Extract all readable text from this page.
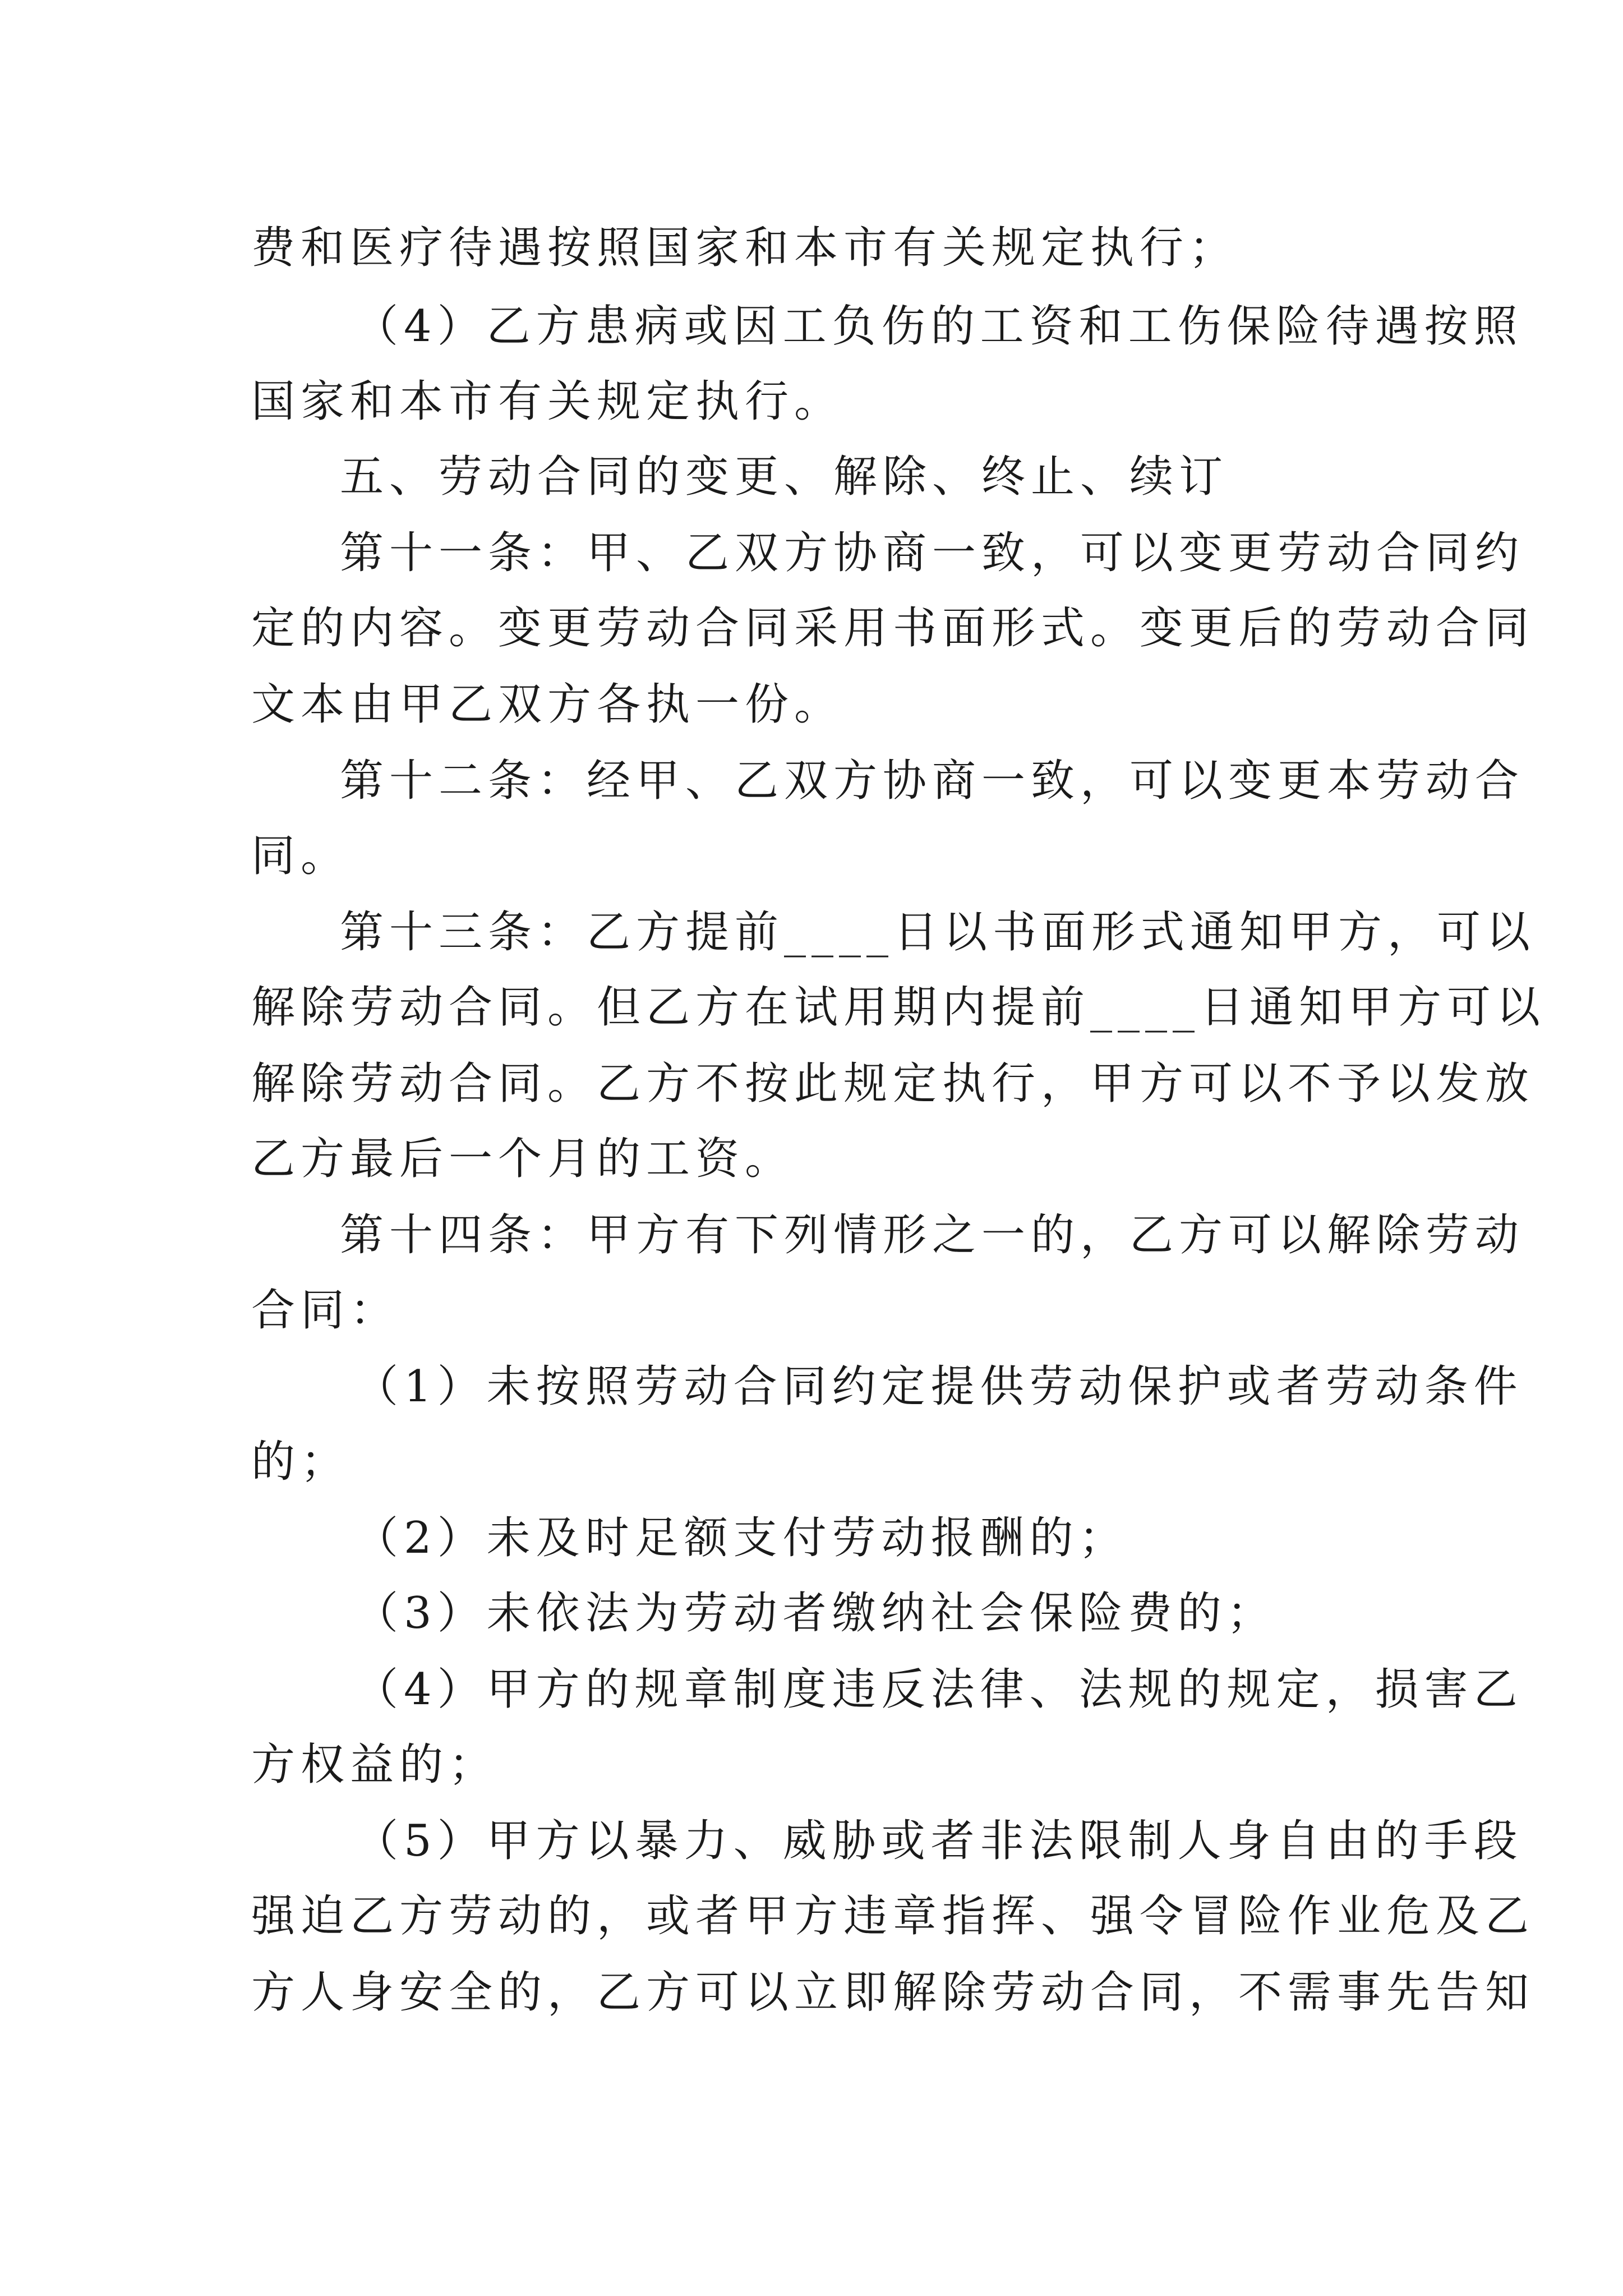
费和医疗待遇按照国家和本市有关规定执行；
（4）乙方患病或因工负伤的工资和工伤保险待遇按照
国家和本市有关规定执行。
五、劳动合同的变更、解除、终止、续订
第十一条：甲、乙双方协商一致，可以变更劳动合同约
定的内容。变更劳动合同采用书面形式。变更后的劳动合同
文本由甲乙双方各执一份。
第十二条：经甲、乙双方协商一致，可以变更本劳动合
同。
第十三条：乙方提前____日以书面形式通知甲方，可以
解除劳动合同。但乙方在试用期内提前____日通知甲方可以
解除劳动合同。乙方不按此规定执行，甲方可以不予以发放
乙方最后一个月的工资。
第十四条：甲方有下列情形之一的，乙方可以解除劳动
合同：
（1）未按照劳动合同约定提供劳动保护或者劳动条件
的；
（2）未及时足额支付劳动报酬的；
（3）未依法为劳动者缴纳社会保险费的；
（4）甲方的规章制度违反法律、法规的规定，损害乙
方权益的；
（5）甲方以暴力、威胁或者非法限制人身自由的手段
强迫乙方劳动的，或者甲方违章指挥、强令冒险作业危及乙
方人身安全的，乙方可以立即解除劳动合同，不需事先告知
